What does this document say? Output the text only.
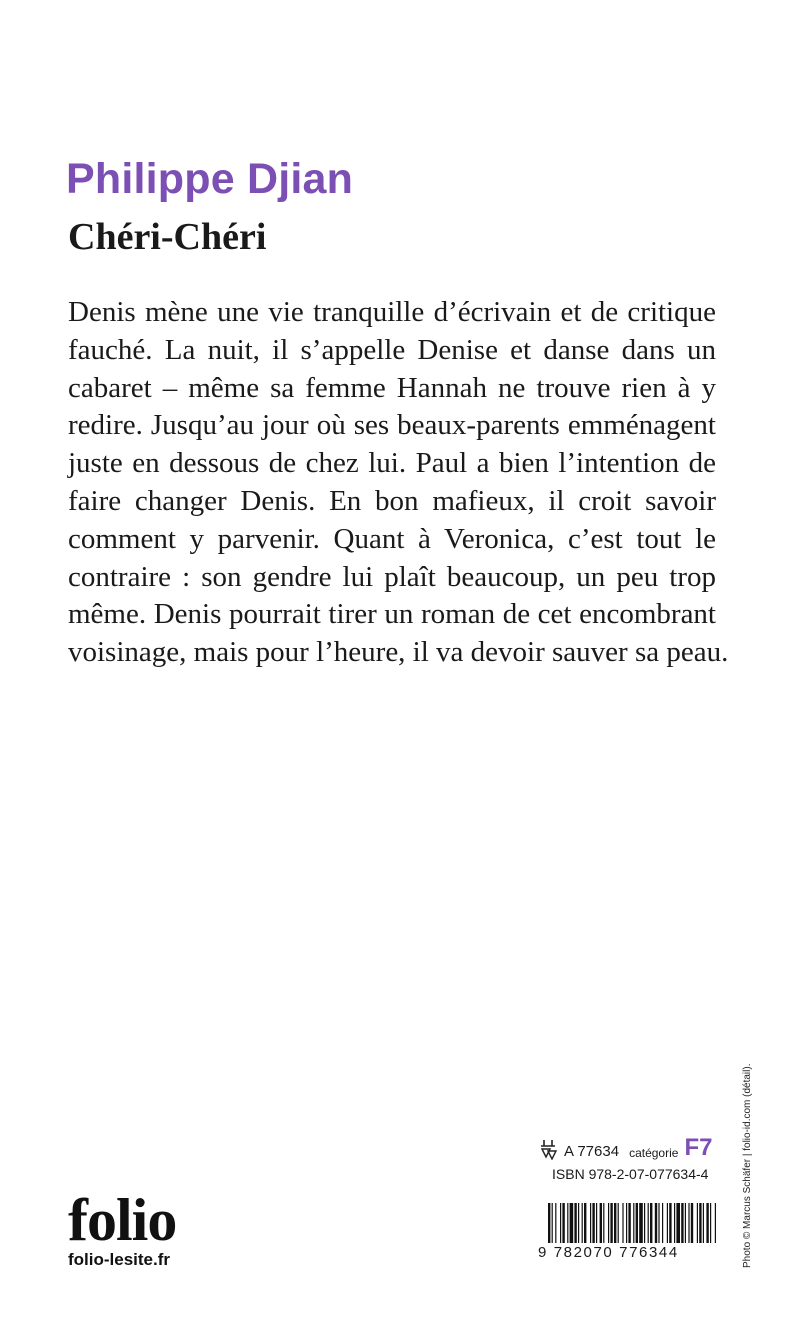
Philippe Djian
Chéri-Chéri
Denis mène une vie tranquille d’écrivain et de critique
fauché. La nuit, il s’appelle Denise et danse dans un
cabaret – même sa femme Hannah ne trouve rien à y
redire. Jusqu’au jour où ses beaux-parents emménagent
juste en dessous de chez lui. Paul a bien l’intention de
faire changer Denis. En bon mafieux, il croit savoir
comment y parvenir. Quant à Veronica, c’est tout le
contraire : son gendre lui plaît beaucoup, un peu trop
même. Denis pourrait tirer un roman de cet encombrant
voisinage, mais pour l’heure, il va devoir sauver sa peau.
Photo © Marcus Schäfer | folio-id.com (détail).
A 77634 catégorie F7
ISBN 978-2-07-077634-4
9 782070 776344
folio
folio-lesite.fr
